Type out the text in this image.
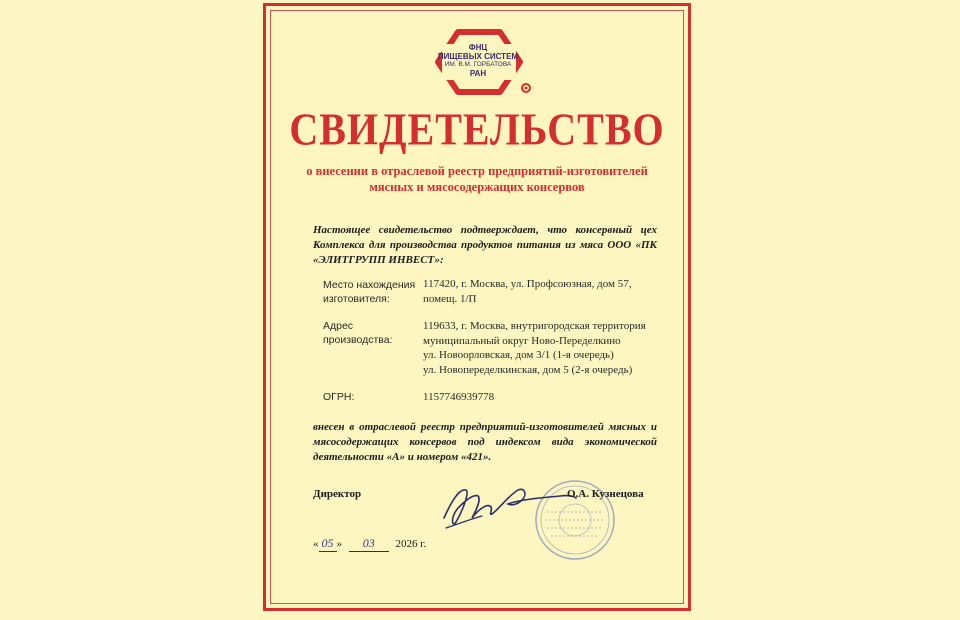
ФНЦ
ПИЩЕВЫХ СИСТЕМ
ИМ. В.М. ГОРБАТОВА
РАН
СВИДЕТЕЛЬСТВО
о внесении в отраслевой реестр предприятий-изготовителей
мясных и мясосодержащих консервов
Настоящее свидетельство подтверждает, что консервный цех Комплекса для производства продуктов питания из мяса ООО «ПК «ЭЛИТГРУПП ИНВЕСТ»:
Место нахождения
изготовителя:
117420, г. Москва, ул. Профсоюзная, дом 57,
помещ. 1/П
Адрес
производства:
119633, г. Москва, внутригородская территория
муниципальный округ Ново-Переделкино
ул. Новоорловская, дом 3/1 (1-я очередь)
ул. Новопеределкинская, дом 5 (2-я очередь)
ОГРН:	1157746939778
внесен в отраслевой реестр предприятий-изготовителей мясных и мясосодержащих консервов под индексом вида экономической деятельности «А» и номером «421».
Директор	О.А. Кузнецова
« 05 » 03 2026 г.
